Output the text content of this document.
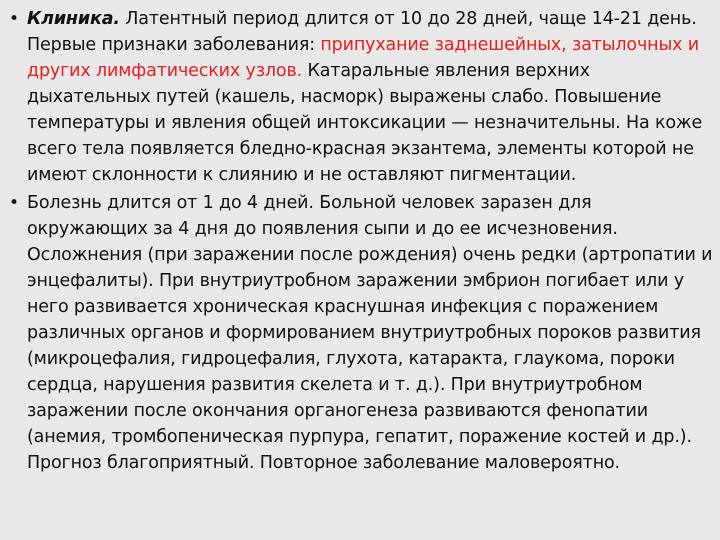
• Клиника. Латентный период длится от 10 до 28 дней, чаще 14-21 день. Первые признаки заболевания: припухание заднешейных, затылочных и других лимфатических узлов. Катаральные явления верхних дыхательных путей (кашель, насморк) выражены слабо. Повышение температуры и явления общей интоксикации — незначительны. На коже всего тела появляется бледно-красная экзантема, элементы которой не имеют склонности к слиянию и не оставляют пигментации.
• Болезнь длится от 1 до 4 дней. Больной человек заразен для окружающих за 4 дня до появления сыпи и до ее исчезновения. Осложнения (при заражении после рождения) очень редки (артропатии и энцефалиты). При внутриутробном заражении эмбрион погибает или у него развивается хроническая краснушная инфекция с поражением различных органов и формированием внутриутробных пороков развития (микроцефалия, гидроцефалия, глухота, катаракта, глаукома, пороки сердца, нарушения развития скелета и т. д.). При внутриутробном заражении после окончания органогенеза развиваются фенопатии (анемия, тромбопеническая пурпура, гепатит, поражение костей и др.). Прогноз благоприятный. Повторное заболевание маловероятно.
